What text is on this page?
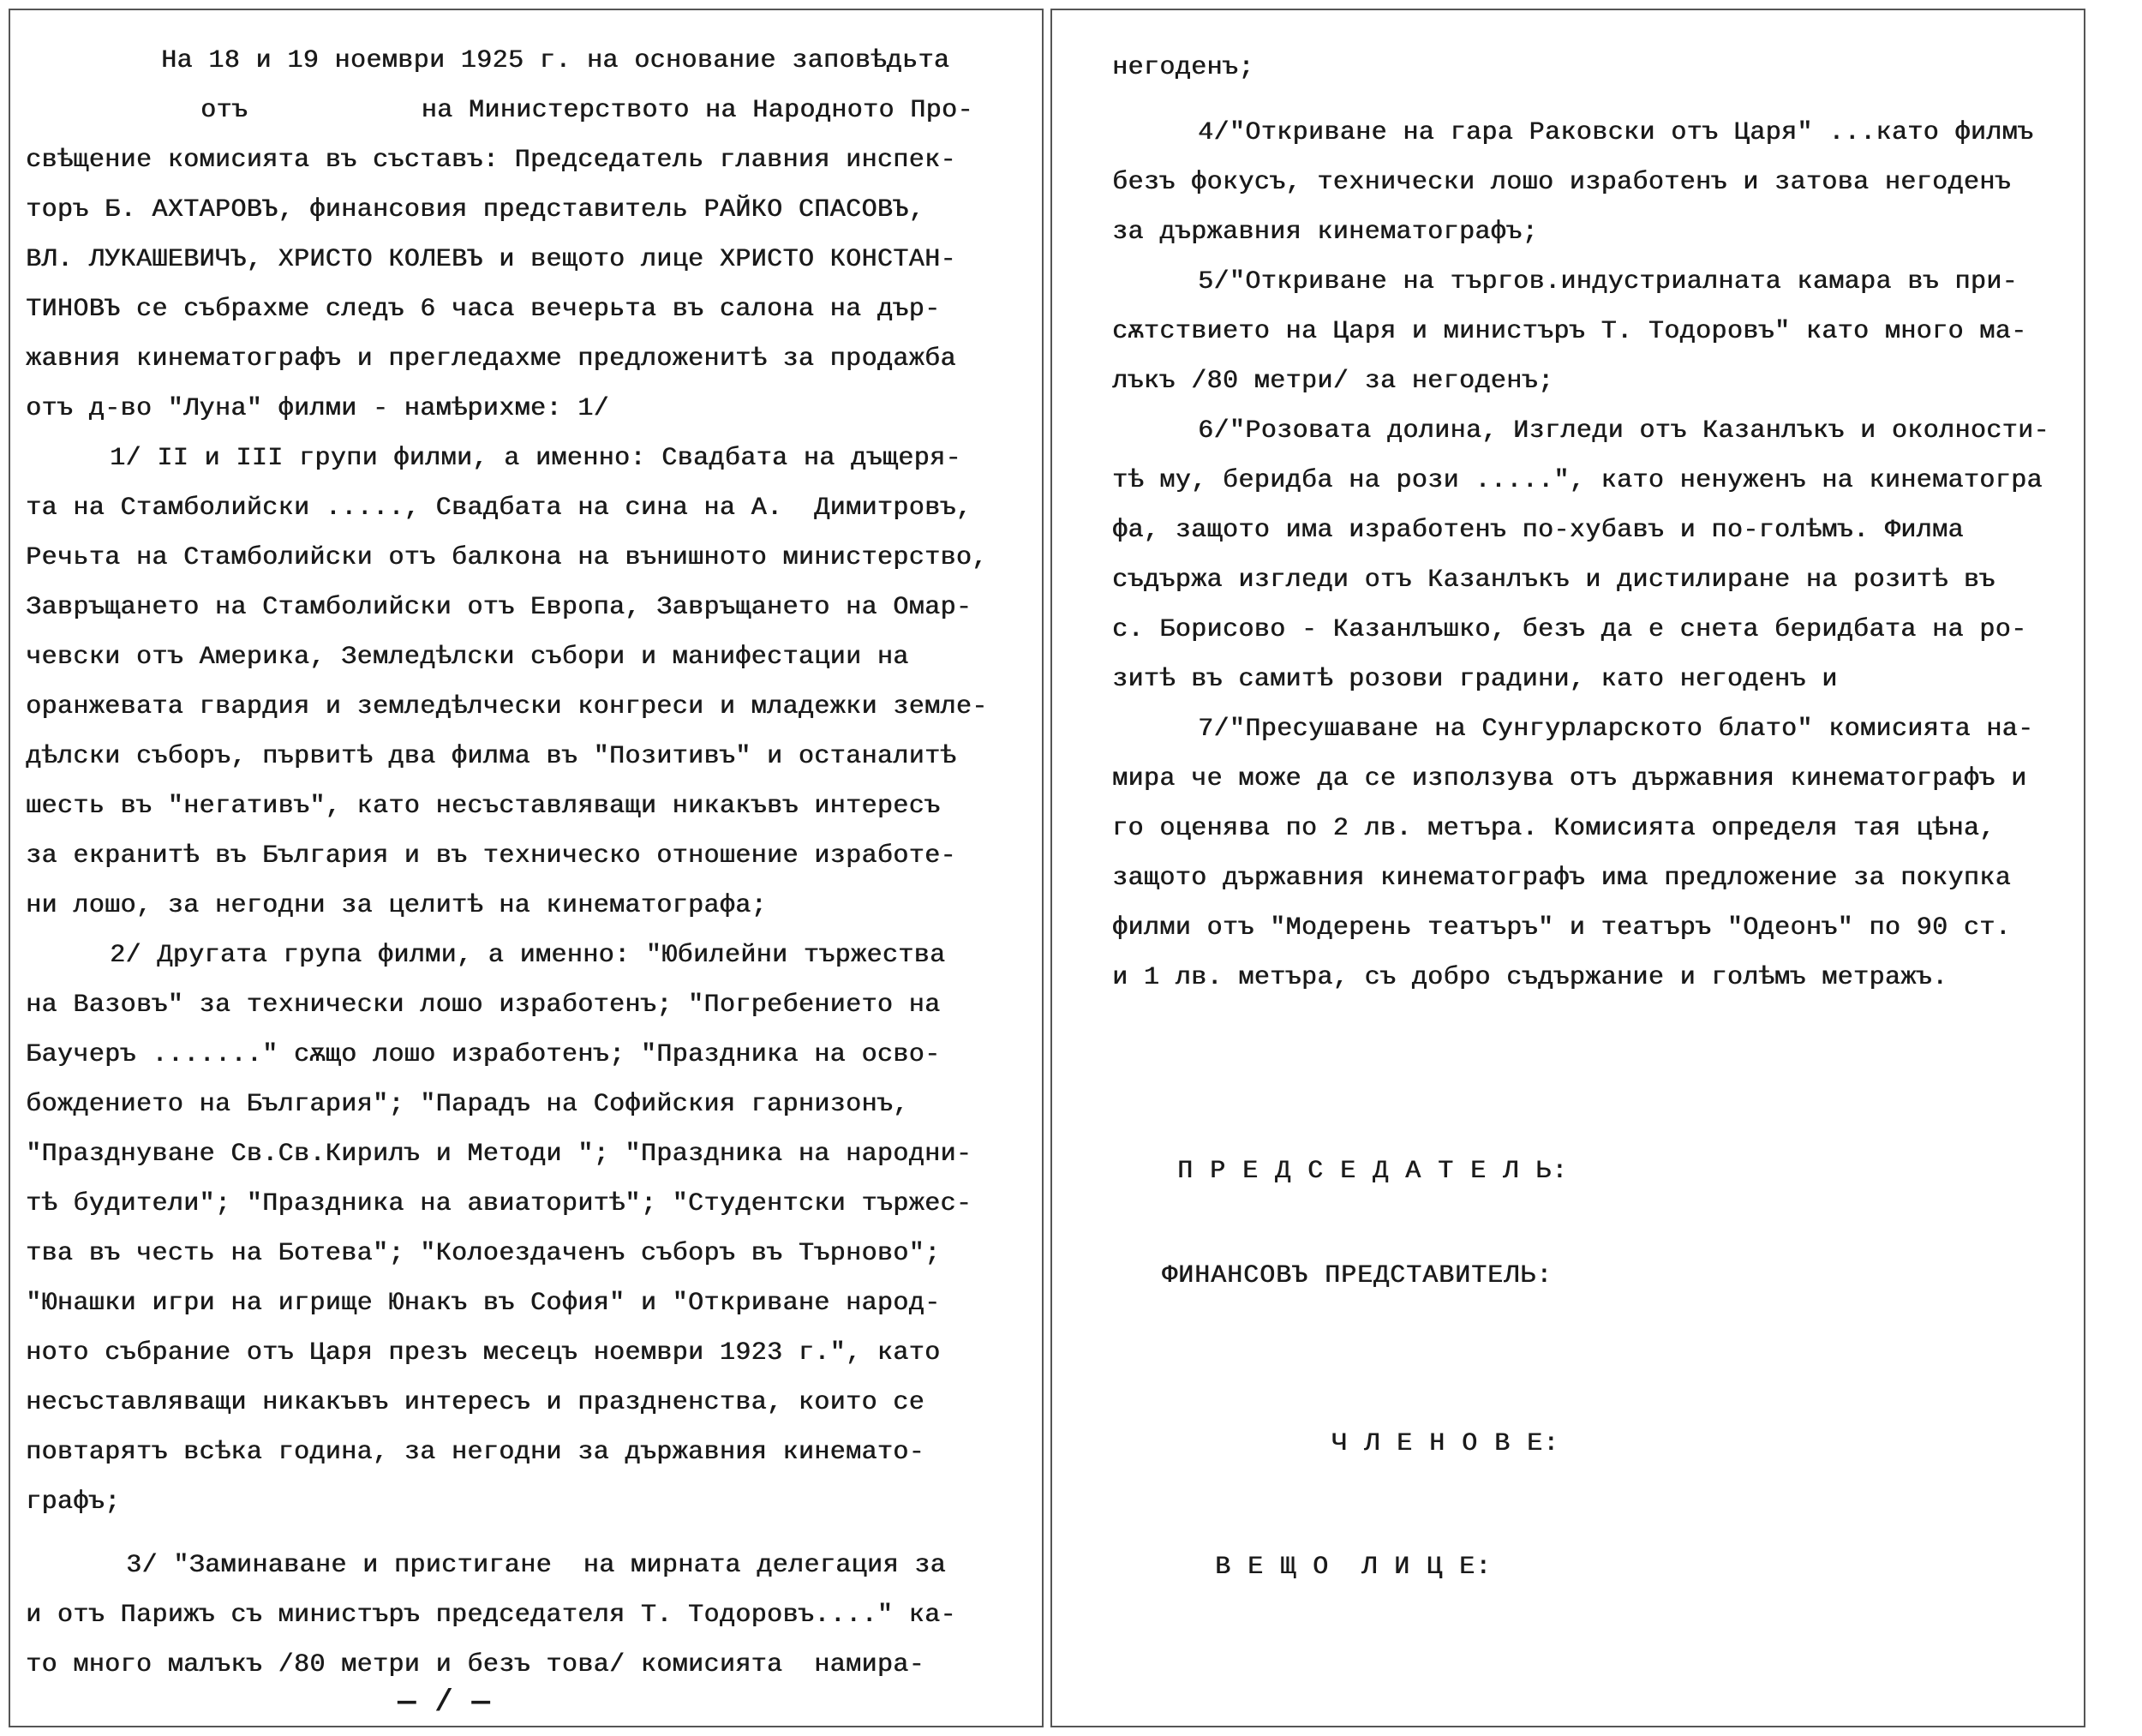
На 18 и 19 ноември 1925 г. на основание заповѣдьта
отъ           на Министерството на Народното Про-
свѣщение комисията въ съставъ: Председатель главния инспек-
торъ Б. АХТАРОВЪ, финансовия представитель РАЙКО СПАСОВЪ,
ВЛ. ЛУКАШЕВИЧЪ, ХРИСТО КОЛЕВЪ и вещото лице ХРИСТО КОНСТАН-
ТИНОВЪ се събрахме следъ 6 часа вечерьта въ салона на дър-
жавния кинематографъ и прегледахме предложенитѣ за продажба
отъ д-во "Луна" филми - намѣрихме: 1/
1/ II и III групи филми, а именно: Свадбата на дъщеря-
та на Стамболийски ....., Свадбата на сина на А.  Димитровъ,
Речьта на Стамболийски отъ балкона на вънишното министерство,
Завръщането на Стамболийски отъ Европа, Завръщането на Омар-
чевски отъ Америка, Земледѣлски събори и манифестации на
оранжевата гвардия и земледѣлчески конгреси и младежки земле-
дѣлски съборъ, първитѣ два филма въ "Позитивъ" и останалитѣ
шесть въ "негативъ", като несъставляващи никакъвъ интересъ
за екранитѣ въ България и въ техническо отношение изработе-
ни лошо, за негодни за целитѣ на кинематографа;
2/ Другата група филми, а именно: "Юбилейни тържества
на Вазовъ" за технически лошо изработенъ; "Погребението на
Баучеръ ......." сѫщо лошо изработенъ; "Праздника на осво-
бождението на България"; "Парадъ на Софийския гарнизонъ,
"Празднуване Св.Св.Кирилъ и Методи "; "Праздника на народни-
тѣ будители"; "Праздника на авиаторитѣ"; "Студентски тържес-
тва въ честь на Ботева"; "Колоездаченъ съборъ въ Търново";
"Юнашки игри на игрище Юнакъ въ София" и "Откриване народ-
ното събрание отъ Царя презъ месецъ ноември 1923 г.", като
несъставляващи никакъвъ интересъ и праздненства, които се
повтарятъ всѣка година, за негодни за държавния кинемато-
графъ;
3/ "Заминаване и пристигане  на мирната делегация за
и отъ Парижъ съ министъръ председателя Т. Тодоровъ...." ка-
то много малъкъ /80 метри и безъ това/ комисията  намира-
— / —
негоденъ;
4/"Откриване на гара Раковски отъ Царя" ...като филмъ
безъ фокусъ, технически лошо изработенъ и затова негоденъ
за държавния кинематографъ;
5/"Откриване на търгов.индустриалната камара въ при-
сѫтствието на Царя и министъръ Т. Тодоровъ" като много ма-
лъкъ /80 метри/ за негоденъ;
6/"Розовата долина, Изгледи отъ Казанлъкъ и околности-
тѣ му, беридба на рози .....", като ненуженъ на кинематогра
фа, защото има изработенъ по-хубавъ и по-голѣмъ. Филма
съдържа изгледи отъ Казанлъкъ и дистилиране на розитѣ въ
с. Борисово - Казанлъшко, безъ да е снета беридбата на ро-
зитѣ въ самитѣ розови градини, като негоденъ и
7/"Пресушаване на Сунгурларското блато" комисията на-
мира че може да се използува отъ държавния кинематографъ и
го оценява по 2 лв. метъра. Комисията определя тая цѣна,
защото държавния кинематографъ има предложение за покупка
филми отъ "Модерень театъръ" и театъръ "Одеонъ" по 90 ст.
и 1 лв. метъра, съ добро съдържание и голѣмъ метражъ.
П Р Е Д С Е Д А Т Е Л Ь:
ФИНАНСОВЪ ПРЕДСТАВИТЕЛЬ:
Ч Л Е Н О В Е:
В Е Щ О  Л И Ц Е:
